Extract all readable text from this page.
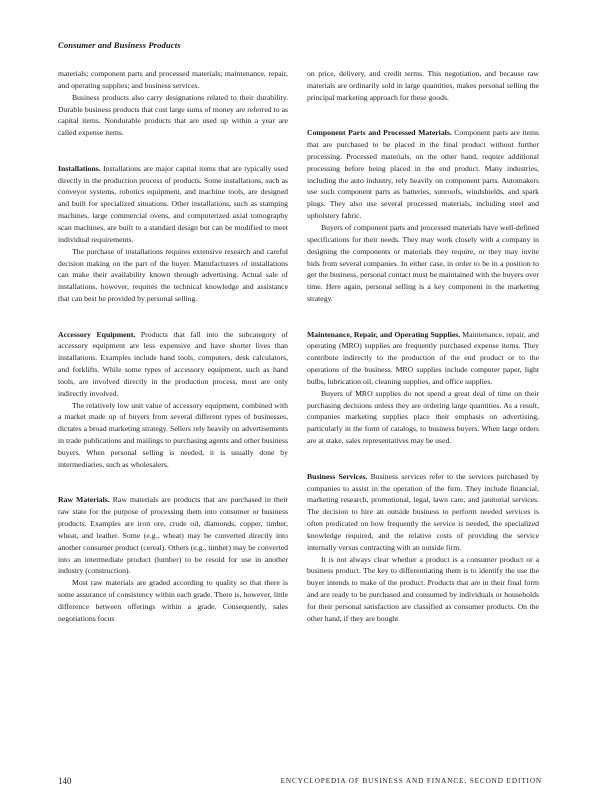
Consumer and Business Products

materials; component parts and processed materials; maintenance, repair, and operating supplies; and business services.

Business products also carry designations related to their durability. Durable business products that cost large sums of money are referred to as capital items. Nondurable products that are used up within a year are called expense items.

Installations. Installations are major capital items that are typically used directly in the production process of products. Some installations, such as conveyor systems, robotics equipment, and machine tools, are designed and built for specialized situations. Other installations, such as stamping machines, large commercial ovens, and computerized axial tomography scan machines, are built to a standard design but can be modified to meet individual requirements.

The purchase of installations requires extensive research and careful decision making on the part of the buyer. Manufacturers of installations can make their availability known through advertising. Actual sale of installations, however, requires the technical knowledge and assistance that can best be provided by personal selling.

Accessory Equipment. Products that fall into the subcategory of accessory equipment are less expensive and have shorter lives than installations. Examples include hand tools, computers, desk calculators, and forklifts. While some types of accessory equipment, such as hand tools, are involved directly in the production process, most are only indirectly involved.

The relatively low unit value of accessory equipment, combined with a market made up of buyers from several different types of businesses, dictates a broad marketing strategy. Sellers rely heavily on advertisements in trade publications and mailings to purchasing agents and other business buyers. When personal selling is needed, it is usually done by intermediaries, such as wholesalers.

Raw Materials. Raw materials are products that are purchased in their raw state for the purpose of processing them into consumer or business products. Examples are iron ore, crude oil, diamonds, copper, timber, wheat, and leather. Some (e.g., wheat) may be converted directly into another consumer product (cereal). Others (e.g., timber) may be converted into an intermediate product (lumber) to be resold for use in another industry (construction).

Most raw materials are graded according to quality so that there is some assurance of consistency within each grade. There is, however, little difference between offerings within a grade. Consequently, sales negotiations focus

on price, delivery, and credit terms. This negotiation, and because raw materials are ordinarily sold in large quantities, makes personal selling the principal marketing approach for these goods.

Component Parts and Processed Materials. Component parts are items that are purchased to be placed in the final product without further processing. Processed materials, on the other hand, require additional processing before being placed in the end product. Many industries, including the auto industry, rely heavily on component parts. Automakers use such component parts as batteries, sunroofs, windshields, and spark plugs. They also use several processed materials, including steel and upholstery fabric.

Buyers of component parts and processed materials have well-defined specifications for their needs. They may work closely with a company in designing the components or materials they require, or they may invite bids from several companies. In either case, in order to be in a position to get the business, personal contact must be maintained with the buyers over time. Here again, personal selling is a key component in the marketing strategy.

Maintenance, Repair, and Operating Supplies. Maintenance, repair, and operating (MRO) supplies are frequently purchased expense items. They contribute indirectly to the production of the end product or to the operations of the business. MRO supplies include computer paper, light bulbs, lubrication oil, cleaning supplies, and office supplies.

Buyers of MRO supplies do not spend a great deal of time on their purchasing decisions unless they are ordering large quantities. As a result, companies marketing supplies place their emphasis on advertising, particularly in the form of catalogs, to business buyers. When large orders are at stake, sales representatives may be used.

Business Services. Business services refer to the services purchased by companies to assist in the operation of the firm. They include financial, marketing research, promotional, legal, lawn care, and janitorial services. The decision to hire an outside business to perform needed services is often predicated on how frequently the service is needed, the specialized knowledge required, and the relative costs of providing the service internally versus contracting with an outside firm.

It is not always clear whether a product is a consumer product or a business product. The key to differentiating them is to identify the use the buyer intends to make of the product. Products that are in their final form and are ready to be purchased and consumed by individuals or households for their personal satisfaction are classified as consumer products. On the other hand, if they are bought

140	ENCYCLOPEDIA OF BUSINESS AND FINANCE, SECOND EDITION
